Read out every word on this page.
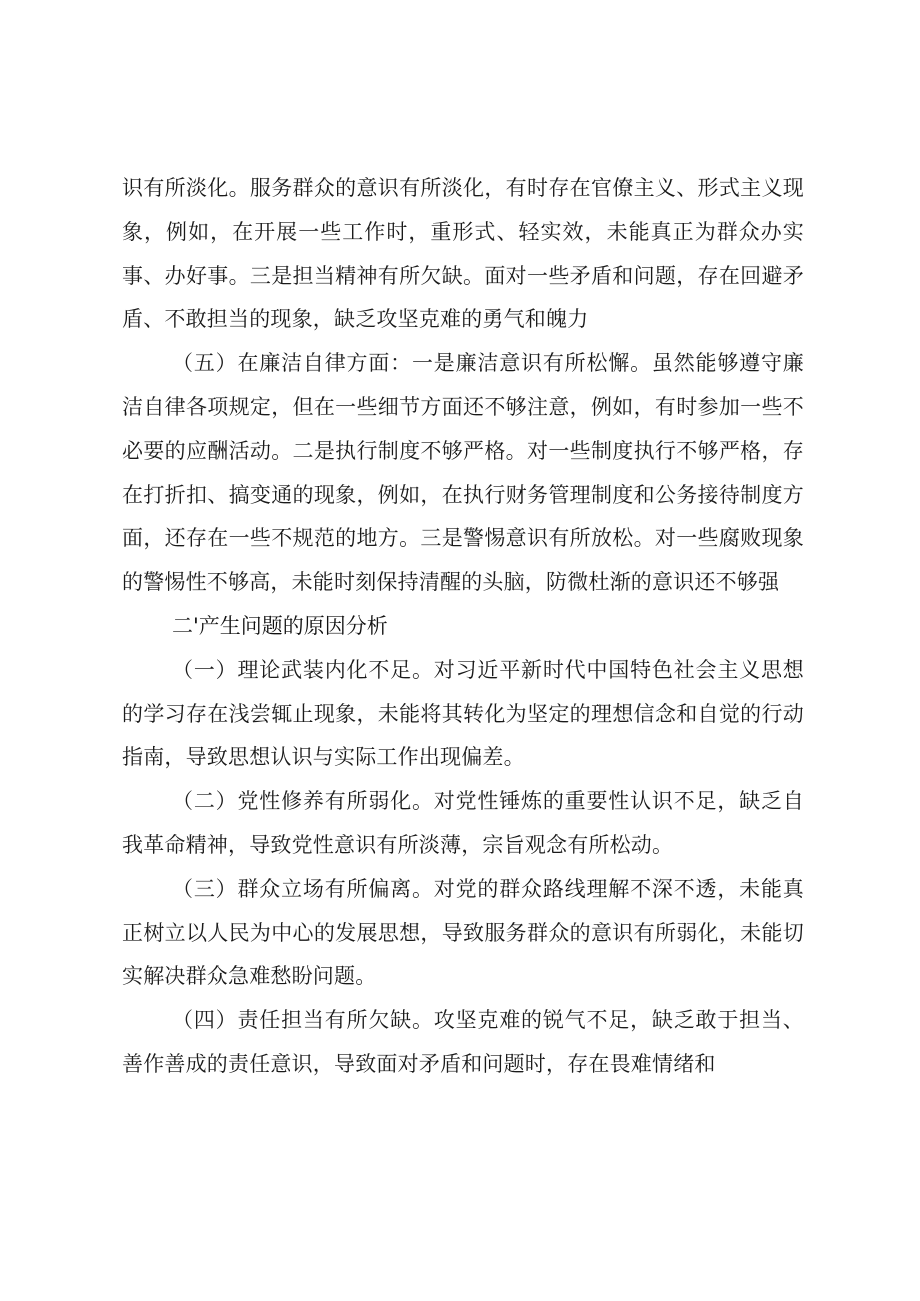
识有所淡化。服务群众的意识有所淡化，有时存在官僚主义、形式主义现象，例如，在开展一些工作时，重形式、轻实效，未能真正为群众办实事、办好事。三是担当精神有所欠缺。面对一些矛盾和问题，存在回避矛盾、不敢担当的现象，缺乏攻坚克难的勇气和魄力

（五）在廉洁自律方面：一是廉洁意识有所松懈。虽然能够遵守廉洁自律各项规定，但在一些细节方面还不够注意，例如，有时参加一些不必要的应酬活动。二是执行制度不够严格。对一些制度执行不够严格，存在打折扣、搞变通的现象，例如，在执行财务管理制度和公务接待制度方面，还存在一些不规范的地方。三是警惕意识有所放松。对一些腐败现象的警惕性不够高，未能时刻保持清醒的头脑，防微杜渐的意识还不够强

二'产生问题的原因分析

（一）理论武装内化不足。对习近平新时代中国特色社会主义思想的学习存在浅尝辄止现象，未能将其转化为坚定的理想信念和自觉的行动指南，导致思想认识与实际工作出现偏差。

（二）党性修养有所弱化。对党性锤炼的重要性认识不足，缺乏自我革命精神，导致党性意识有所淡薄，宗旨观念有所松动。

（三）群众立场有所偏离。对党的群众路线理解不深不透，未能真正树立以人民为中心的发展思想，导致服务群众的意识有所弱化，未能切实解决群众急难愁盼问题。

（四）责任担当有所欠缺。攻坚克难的锐气不足，缺乏敢于担当、善作善成的责任意识，导致面对矛盾和问题时，存在畏难情绪和
